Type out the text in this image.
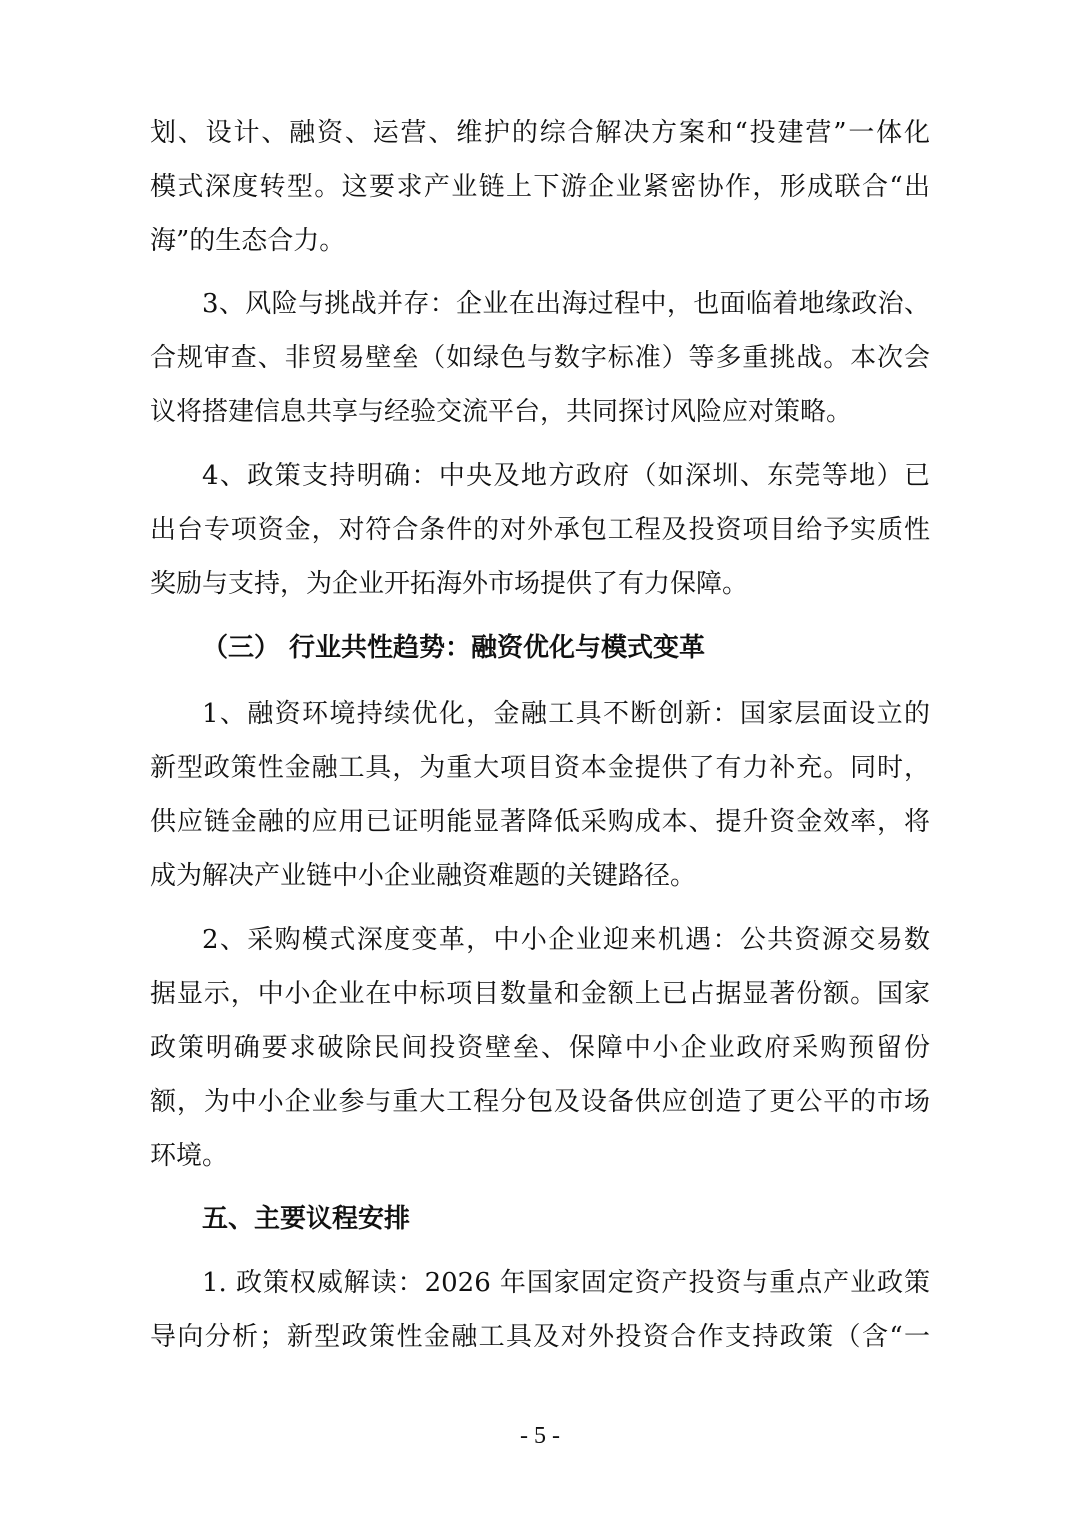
划、设计、融资、运营、维护的综合解决方案和“投建营”一体化
模式深度转型。这要求产业链上下游企业紧密协作，形成联合“出
海”的生态合力。
3、风险与挑战并存：企业在出海过程中，也面临着地缘政治、
合规审查、非贸易壁垒（如绿色与数字标准）等多重挑战。本次会
议将搭建信息共享与经验交流平台，共同探讨风险应对策略。
4、政策支持明确：中央及地方政府（如深圳、东莞等地）已
出台专项资金，对符合条件的对外承包工程及投资项目给予实质性
奖励与支持，为企业开拓海外市场提供了有力保障。
（三） 行业共性趋势：融资优化与模式变革
1、融资环境持续优化，金融工具不断创新：国家层面设立的
新型政策性金融工具，为重大项目资本金提供了有力补充。同时，
供应链金融的应用已证明能显著降低采购成本、提升资金效率，将
成为解决产业链中小企业融资难题的关键路径。
2、采购模式深度变革，中小企业迎来机遇：公共资源交易数
据显示，中小企业在中标项目数量和金额上已占据显著份额。国家
政策明确要求破除民间投资壁垒、保障中小企业政府采购预留份
额，为中小企业参与重大工程分包及设备供应创造了更公平的市场
环境。
五、主要议程安排
1. 政策权威解读：2026 年国家固定资产投资与重点产业政策
导向分析；新型政策性金融工具及对外投资合作支持政策（含“一
- 5 -
